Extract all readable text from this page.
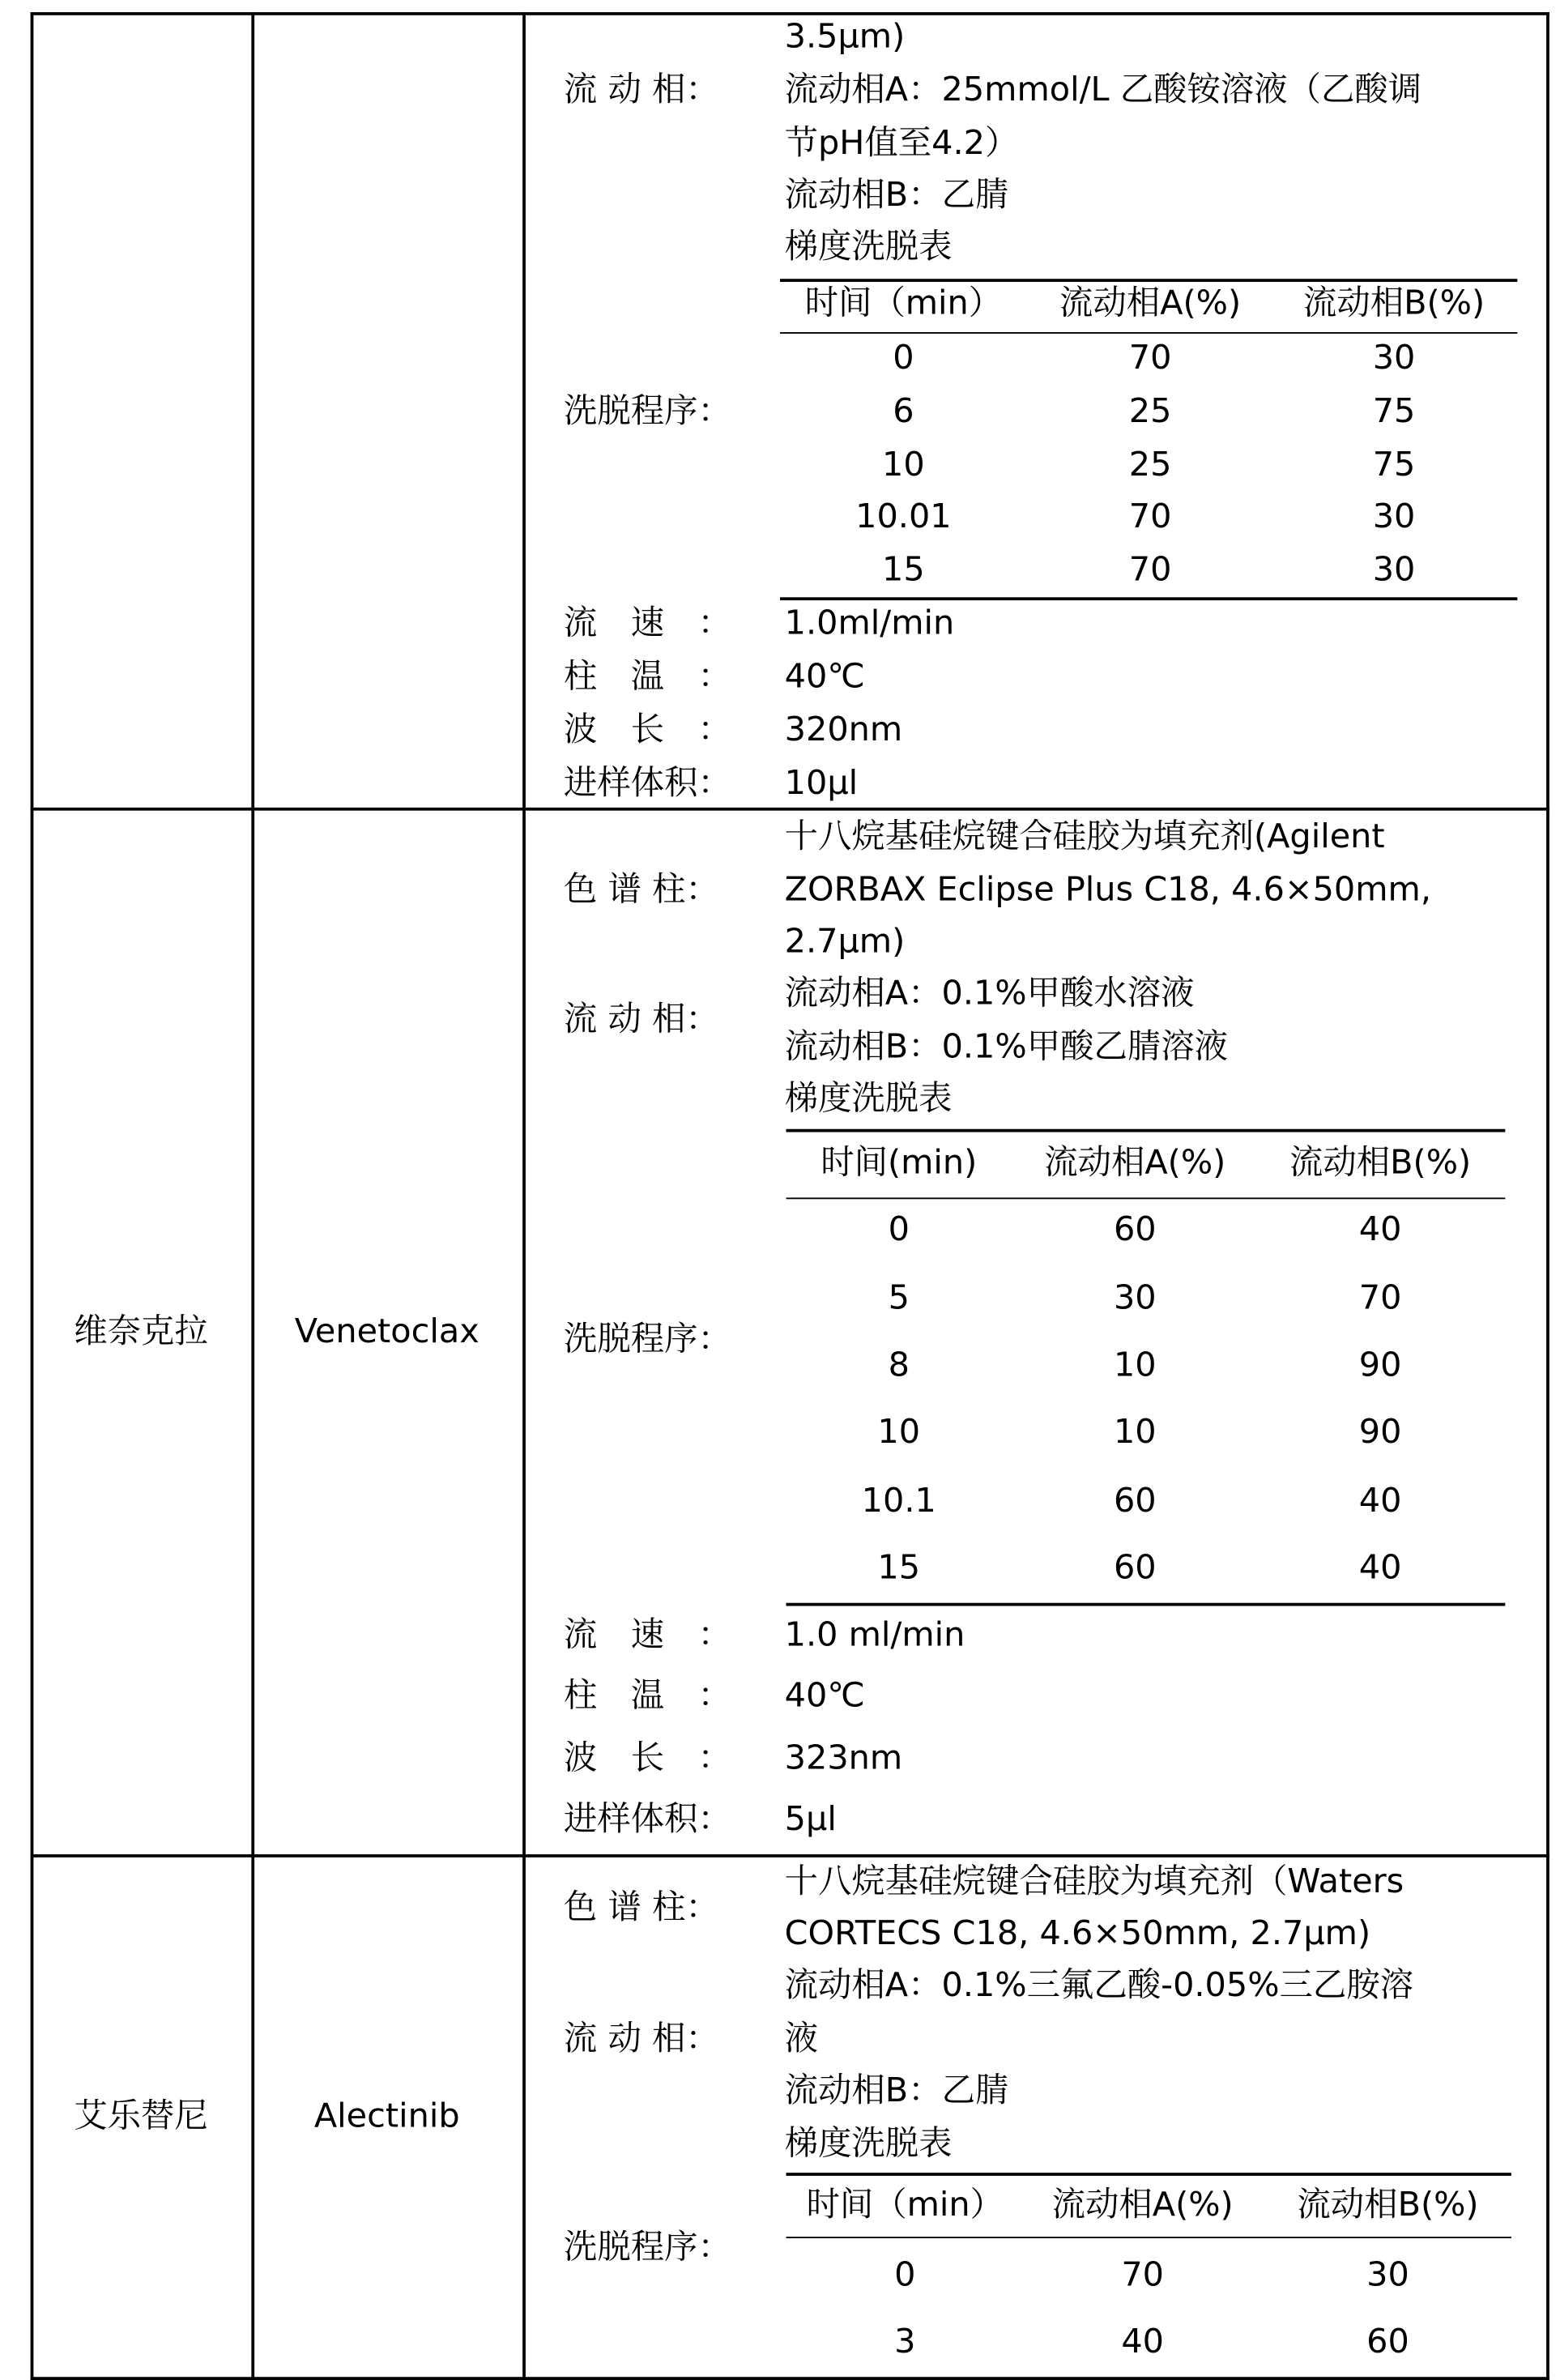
3.5μm)
流 动 相：	流动相A：25mmol/L 乙酸铵溶液（乙酸调
节pH值至4.2）
流动相B：乙腈
梯度洗脱表
洗脱程序：
时间（min）	流动相A(%)	流动相B(%)
0	70	30
6	25	75
10	25	75
10.01	70	30
15	70	30
流　速　：	1.0ml/min
柱　温　：	40℃
波　长　：	320nm
进样体积：	10μl
维奈克拉	Venetoclax
色 谱 柱：
十八烷基硅烷键合硅胶为填充剂(Agilent
ZORBAX Eclipse Plus C18, 4.6×50mm,
2.7μm)
流 动 相：
流动相A：0.1%甲酸水溶液
流动相B：0.1%甲酸乙腈溶液
梯度洗脱表
洗脱程序：
时间(min)	流动相A(%)	流动相B(%)
0	60	40
5	30	70
8	10	90
10	10	90
10.1	60	40
15	60	40
流　速　：	1.0 ml/min
柱　温　：	40℃
波　长　：	323nm
进样体积：	5μl
艾乐替尼	Alectinib
色 谱 柱：
十八烷基硅烷键合硅胶为填充剂（Waters
CORTECS C18, 4.6×50mm, 2.7μm)
流 动 相：
流动相A：0.1%三氟乙酸-0.05%三乙胺溶
液
流动相B：乙腈
梯度洗脱表
洗脱程序：
时间（min）	流动相A(%)	流动相B(%)
0	70	30
3	40	60
